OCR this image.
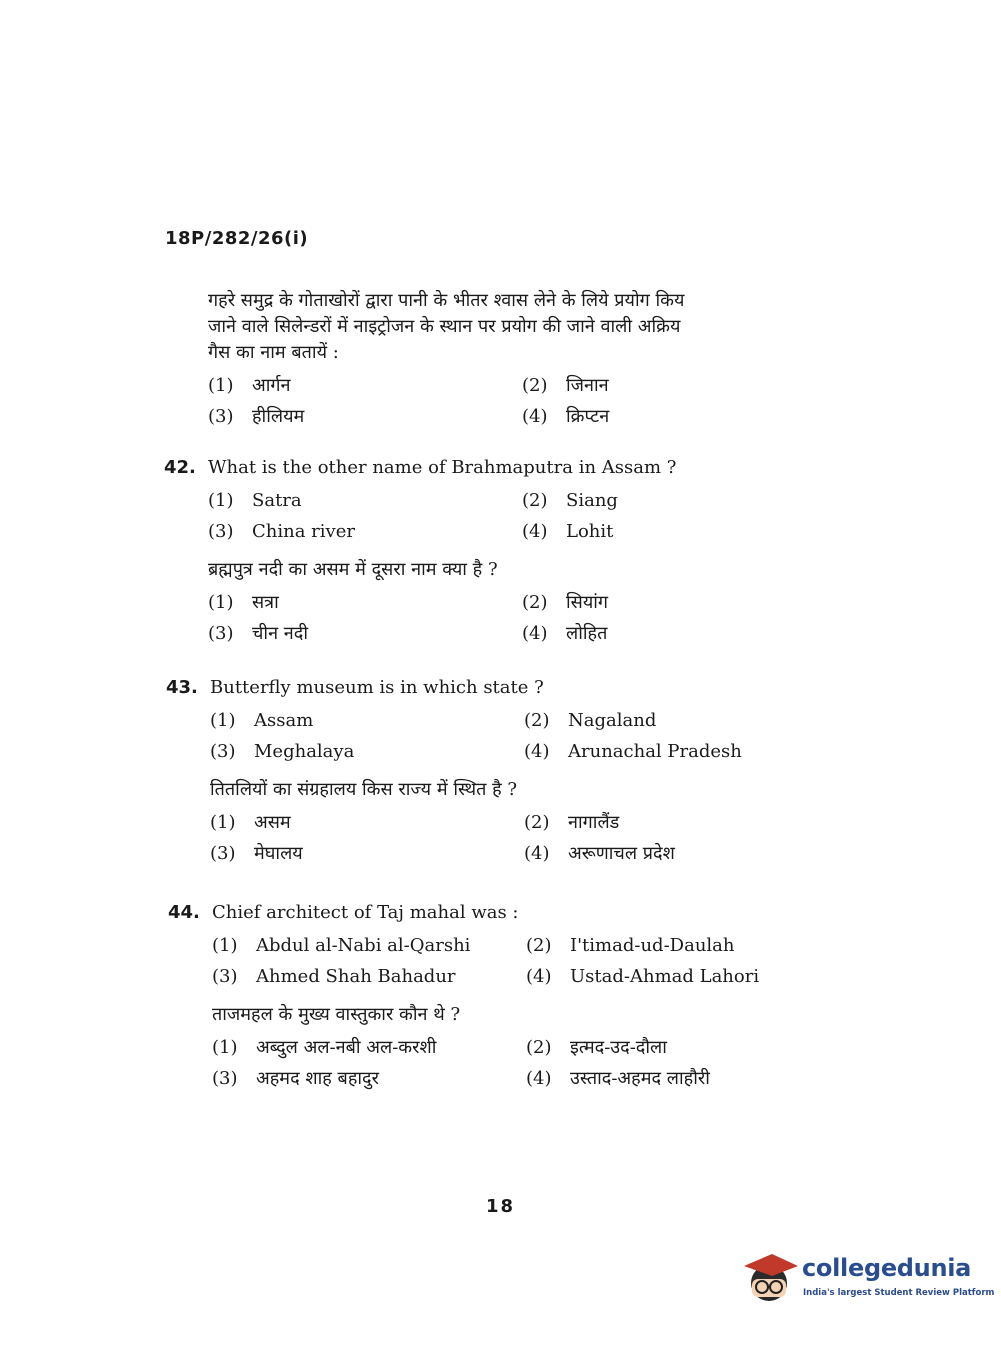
18P/282/26(i)
गहरे समुद्र के गोताखोरों द्वारा पानी के भीतर श्वास लेने के लिये प्रयोग किय
जाने वाले सिलेन्डरों में नाइट्रोजन के स्थान पर प्रयोग की जाने वाली अक्रिय
गैस का नाम बतायें :
(1) आर्गन	(2) जिनान
(3) हीलियम	(4) क्रिप्टन
42. What is the other name of Brahmaputra in Assam ?
(1) Satra	(2) Siang
(3) China river	(4) Lohit
ब्रह्मपुत्र नदी का असम में दूसरा नाम क्या है ?
(1) सत्रा	(2) सियांग
(3) चीन नदी	(4) लोहित
43. Butterfly museum is in which state ?
(1) Assam	(2) Nagaland
(3) Meghalaya	(4) Arunachal Pradesh
तितलियों का संग्रहालय किस राज्य में स्थित है ?
(1) असम	(2) नागालैंड
(3) मेघालय	(4) अरूणाचल प्रदेश
44. Chief architect of Taj mahal was :
(1) Abdul al-Nabi al-Qarshi	(2) I'timad-ud-Daulah
(3) Ahmed Shah Bahadur	(4) Ustad-Ahmad Lahori
ताजमहल के मुख्य वास्तुकार कौन थे ?
(1) अब्दुल अल-नबी अल-करशी	(2) इत्मद-उद-दौला
(3) अहमद शाह बहादुर	(4) उस्ताद-अहमद लाहौरी
18
collegedunia
India's largest Student Review Platform
